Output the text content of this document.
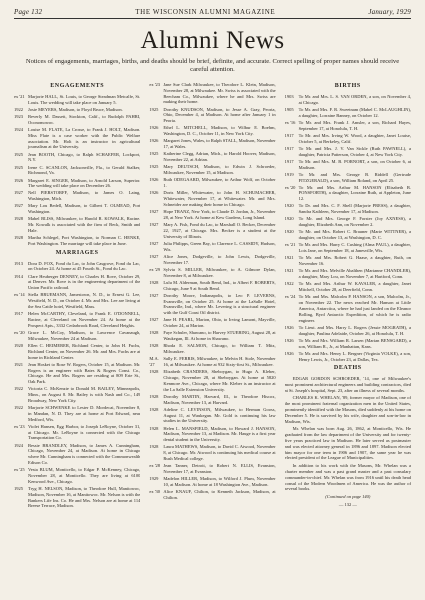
Page 132	THE WISCONSIN ALUMNI MAGAZINE	January, 1929
Alumni News
Notices of engagements, marriages, births, and deaths should be brief, definite, and accurate. Correct spelling of proper names should receive careful attention.
ENGAGEMENTS
ex '21 Marjorie HALL, St. Louis, to George Steadman Metcalfe, St. Louis. The wedding will take place on January 5.
1922	Josie MEYERS, Madison, to Floyd Bruce, Madison.
1923	Beverly M. Dassett, Stockton, Calif., to Rudolph PAHRI, Oconomowoc.
1924	Louise M. FLATE, La Crosse, to Frank J. HOLT, Madison. Miss Flate is a case worker with the Public Welfare association. Mr. Holt is an instructor in agricultural journalism at the University.
1925	Jean BOOTH, Chicago, to Ralph SCHAEFER, Lockport, N.Y.
1925	Irene C. SCANLON, Jacksonville, Fla., to Gerald Stalker, Richmond, Va.
1926	Margaret E. SINGER, Madison, to Arnold Larson, Superior. The wedding will take place on December 26.
1927	Nell PIERSTORFF, Madison, to James O. Laing, Washington, Mich.
1927	Mary Lou Bedell, Madison, to Gilbert T. OLMEAD, Port Washington.
1928	Mabel BLISS, Milwaukee, to Harold R. KOWALK, Racine. Mr. Kowalk is associated with the firm of Beck, Smith and Hale.
1928	Martha Schlegel, Port Washington, to Norman C. HENKE, Port Washington. The marriage will take place in June.
MARRIAGES
1913	Dora D. FOX, Fond du Lac, to John Casgrove, Fond du Lac, on October 24. At home at 45 Fourth St., Fond du Lac.
1914	Clare Heuberger DENNEY, to Charles H. Rove, October 29, at Denver. Mr. Rove is in the engineering department of the Union Pacific railroad.
ex '14 Stella BRUEMANN, Jamestown, N. D., to Ernest G. Lee, Westfield, N. D., on October 4. Mr. and Mrs. Lee are living at the Sea Cattle hotel, Westfield, Mass.
1917	Helen McCARTHY, Cleveland, to Frank E. O'DONNELL, Racine, at Cleveland on November 24. At home at the Prospect Apts., 3332 Cedarbrook Road, Cleveland Heights.
ex '20 Grace L. McCoy, Madison, to Lawrence Cavanaugh, Milwaukee, November 24 at Madison.
1920	Ellen C. HEIMERER, Richland Center, to John H. Fuchs, Richland Center, on November 26. Mr. and Mrs. Fuchs are at home in Richland Center.
1921	Jean Hosket to Rose W. Rogers, October 15, at Madison. Mr. Rogers is an engineer with Bates & Rogers Const. Co., Chicago. He and Mrs. Rogers are residing at 809 Erie St., Oak Park.
1922	Victoria C. McKenzie to Donald M. BAILEY, Minneapolis, Minn., on August 8. Mr. Bailey is with Nash and Co., 149 Broadway, New York City.
1922	Marjorie SCHWENKE to Lester D. Mordecai, November 8, in Mandan, N. D. They are at home at Port Edward, near Medford, Wis.
ex '23 Violet Hansen, Egg Harbor, to Joseph LeRoyne, October 31, at Chicago. Mr. LeRoyne is connected with the Chicago Transportation Co.
1924	Bessie BRANDLEY, Madison, to James A. Cunningham, Chicago, November 24, at Madison. At home in Chicago where Mr. Cunningham is connected with the Commonwealth Edison Co.
ex '25 Vesta BLUM, Monticello, to Edgar P. McKenney, Chicago, November 28, at Monticello. They are living at 6100 Kenwood Ave., Chicago.
1925	Tryg H. NELSON, Madison, to Theodore Hull, Manitowoc, Madison, November 16, at Manitowoc. Mr. Nelson is with the Bankers Life Ins. Co. He and Mrs. Nelson are at home at 114 Breese Terrace, Madison.
ex '23 Jane Sue Clark Milwaukee, to Theodore L. Klein, Madison, November 28, at Milwaukee. Mr. Swiss is associated with the Beecham Co., Milwaukee, where he and Mrs. Swiss are making their home.
1925	Dorothy KNUDSON, Madison, to Jesse A. Gray, Peoria, Ohio, December 4, at Madison. At home after January 1 in Peoria.
1926	Ethel L. MITCHELL, Madison, to Wilbur E. Boehm, Washington, D. C., October 11, in New York City.
1926	Margaret Jones, Wales, to Ralph STALL, Madison, November 17, at Wales.
1925	Katherine Clegg, Adrian, Mich., to Harold Hoover, Madison, November 22, at Adrian.
1925	Mary DEUTSCH, Madison, to Edwin J. Schroeder, Milwaukee, November 15, at Madison.
1926	Ruth ODEGAARD, Milwaukee, to Arthur Wolf, on October 1.
1926	Doris Miller, Whitewater, to John H. SCHUMACHER, Whitewater, November 17, at Whitewater. Mr. and Mrs. Schneider are making their home in Chicago.
1927	Hope TRANZ, New York, to Claude D. Jordan, Jr., November 28, at New York. At home at Kew Gardens, Long Island.
1927	Mary A. Fish, Fond du Lac, to Marshall O. Becker, December 22, 1927, at Chicago. Mrs. Becker is a student at the University of Illinois.
1927	Julia Philipps, Green Bay, to Clarence L. CASSIDY, Hudson, Wis.
1927	Alice Jones, Dodgeville, to John Lewis, Dodgeville, November 17.
ex '29 Sylvia S. MILLER, Milwaukee, to A. Gilmore Dylan, November 8, at Milwaukee.
1928	Lulu M. Alderman, South Bend, Ind., to Albert F. ROBERTS, Chicago, June 9 at South Bend.
1927	Dorothy Moore, Indianapolis, to Leo P. LEVERNS, Evansville, on October 25. At home at the LaSalle Hotel, Evansville, Ind., where Mr. Levering is a structural engineer with the Gulf Coast Oil district.
1927	Jane H. PEARL, Marion, Ohio, to Irving Lamont, Mayville, October 24, at Marion.
1928	Faye Schuler, Shawano, to Harvey STUEBING, August 28, at Waukegan, Ill. At home in Shawano.
1928	Rhoda E. SALMON, Chicago, to William T. Mitz, Milwaukee.
M.A. '27
Sally E. FERRIS, Milwaukee, to Melvin H. Stole, November 16, at Milwaukee. At home at 932 Sixty-first St., Milwaukee.
1928	Elizabeth CRANDERS, Sheboygan, to Hugo A. Kleber, Chicago, November 28, at Sheboygan. At home at 5820 Kenmore Ave., Chicago, where Mr. Kleber is an instructor at the La Salle Extension University.
1928	Dorothy MARTIN, Harvard, Ill., to Theodore Hiscox, Madison, November 13, at Harvard.
1928	Adeline C. LEVINSON, Milwaukee, to Herman Gooss, August 11, at Waukegan. Mr. Gold is continuing his law studies in the University.
1928	Helen L. MANSFIELD, Madison, to Howard J. HANSON, Madison, November 13, at Madison. Mr. Hauge is a first year dental student in the University.
1928	Laura MATHEWS, Madison, to David C. Atwood, November 8, at Chicago. Mr. Atwood is continuing his medical course at Rush Medical college.
ex '28 Jean Tanner, Detroit, to Robert N. ELLIS, Evanston, November 17, at Evanston.
1929	Madelon HILLER, Madison, to Wilford J. Plum, November 10, at Madison. At home at 18 Washington Ave., Madison.
ex '30 Alice KNAUF, Chilton, to Kenneth Jackson, Madison, at Chilton.
BIRTHS
1903	To Mr. and Mrs. L. S. VAN ORDEN, a son, on November 4, at Chicago.
1905	To Mr. and Mrs. F. R. Sweetnam (Mabel C. McLAUGHLIN), a daughter, Lorraine Banney, on October 12.
ex '16 To Mr. and Mrs. Frank J. Amsler, a son, Richard Hayes, September 17, at Honolulu, T. H.
1917	To Mr. and Mrs. Irving W. Wood, a daughter, Janet Louise, October 5, at Berkeley, Calif.
1917	To Mr. and Mrs. J. V. Van Sickle (Ruth PAWNELL), a daughter, Patricia Patterson, October 4, at New York City.
1917	To Mr. and Mrs. M. B. PORNORT, a son, on October 6, at Madison.
1919	To Mr. and Mrs. George B. Riddell (Gertrude FITZGERALD), a son, William Roland, on April 25.
ex '20 To Mr. and Mrs. Arthur M. HANSON (Elisabeth B. PONSFORTH), a daughter, Lorraine Ruth, at Appleton, June 12.
1920	To Dr. and Mrs. C. F. Shell (Marjorie PRESS), a daughter, Sandra Kathleen, November 17, at Madison.
1920	To Mr. and Mrs. George F. Forster (Joy AXNESS), a daughter, Elizabeth Ann, on November 2.
1920	To Mr. and Mrs. Robert C. Brauner (Marie WITTNER), a daughter, on October 13, at Washington, D. C.
ex '21 To Mr. and Mrs. Harry C. Cushing (Alma PAUL), a daughter, Lois Jane, on September 18, at Janesville, Wis.
1921	To Mr. and Mrs. Robert G. Haase, a daughter, Ruth, on November 16.
1921	To Mr. and Mrs. Melville Abalthen (Marianne CHANDLER), a daughter, Mary Lou, on November 7, at Hartford, Conn.
1922	To Mr. and Mrs. Arthur W. KAVALER, a daughter, Janet Mitchell, October 28, at Deerfield, Conn.
ex '24 To Mr. and Mrs. Malcolm P. HANSON, a son, Malcolm, Jr., on November 22. The news reached Mr. Hanson at Little America, Antarctica, where he had just landed on the Eleanor Bolling, Byrd Antarctic Expedition, of which he is radio engineer.
1926	To Lieut. and Mrs. Harry L. Rogers (Jessie MOGRATH), a daughter, Paulina Adelaide, October 26, at Honolulu, T. H.
1926	To Mr. and Mrs. William R. Larsen (Marian BENSGARD), a son, William R., Jr., at Manhattan, Kans.
1926	To Mr. and Mrs. Henry L. Bergner (Virginia VOLKE), a son, Henry Lewis, Jr., October 23, at Dallas, Tex.
DEATHS
EDGAR GORDON SCHROEDER, '14, one of Milwaukee's most prominent architectural engineers and building contractors, died at St. Joseph's hospital, Sept. 23, after an illness of several months.
CHARLES K. WHELAN, '89, former mayor of Madison, one of the most prominent fraternal organization men in the United States, prominently identified with the Masons, died suddenly at his home on December 5. He is survived by his wife, daughter and son-in-law in Madison, Wis.
Mr. Whelan was born Aug. 26, 1862, at Monticello, Wis. He graduated from the law department of the University and for twenty-five years practiced law in Madison. He later served as postmaster and was elected attorney general in 1896 and 1897. Madison elected him mayor for one term in 1906 and 1907, the same year he was elected president of the League of Municipalities.
In addition to his work with the Masons, Mr. Whelan was a charter member and was a past grand master and a past consulary commander-in-chief. Mr. Whelan was from 1916 until his death head consul of the Modern Woodmen of America. He was the author of several books.
(Continued on page 140)
— 132 —
